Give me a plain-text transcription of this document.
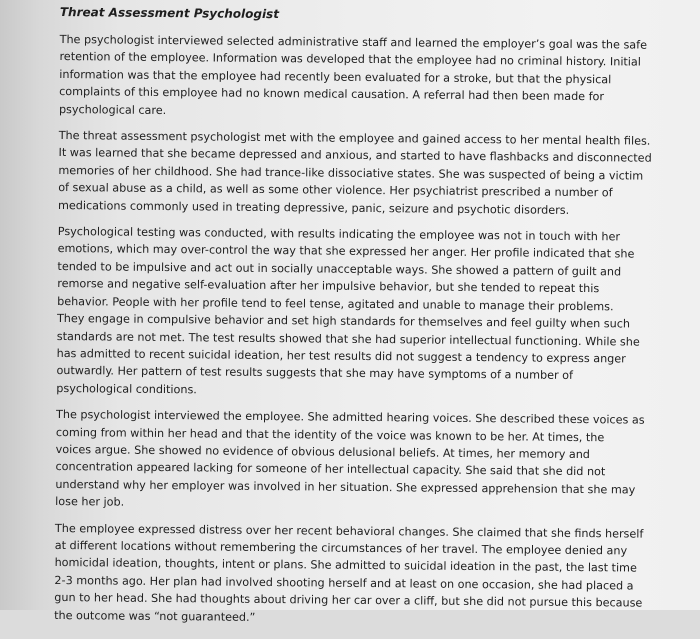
Threat Assessment Psychologist

The psychologist interviewed selected administrative staff and learned the employer’s goal was the safe
retention of the employee. Information was developed that the employee had no criminal history. Initial
information was that the employee had recently been evaluated for a stroke, but that the physical
complaints of this employee had no known medical causation. A referral had then been made for
psychological care.

The threat assessment psychologist met with the employee and gained access to her mental health files.
It was learned that she became depressed and anxious, and started to have flashbacks and disconnected
memories of her childhood. She had trance-like dissociative states. She was suspected of being a victim
of sexual abuse as a child, as well as some other violence. Her psychiatrist prescribed a number of
medications commonly used in treating depressive, panic, seizure and psychotic disorders.

Psychological testing was conducted, with results indicating the employee was not in touch with her
emotions, which may over-control the way that she expressed her anger. Her profile indicated that she
tended to be impulsive and act out in socially unacceptable ways. She showed a pattern of guilt and
remorse and negative self-evaluation after her impulsive behavior, but she tended to repeat this
behavior. People with her profile tend to feel tense, agitated and unable to manage their problems.
They engage in compulsive behavior and set high standards for themselves and feel guilty when such
standards are not met. The test results showed that she had superior intellectual functioning. While she
has admitted to recent suicidal ideation, her test results did not suggest a tendency to express anger
outwardly. Her pattern of test results suggests that she may have symptoms of a number of
psychological conditions.

The psychologist interviewed the employee. She admitted hearing voices. She described these voices as
coming from within her head and that the identity of the voice was known to be her. At times, the
voices argue. She showed no evidence of obvious delusional beliefs. At times, her memory and
concentration appeared lacking for someone of her intellectual capacity. She said that she did not
understand why her employer was involved in her situation. She expressed apprehension that she may
lose her job.

The employee expressed distress over her recent behavioral changes. She claimed that she finds herself
at different locations without remembering the circumstances of her travel. The employee denied any
homicidal ideation, thoughts, intent or plans. She admitted to suicidal ideation in the past, the last time
2-3 months ago. Her plan had involved shooting herself and at least on one occasion, she had placed a
gun to her head. She had thoughts about driving her car over a cliff, but she did not pursue this because
the outcome was “not guaranteed.”
